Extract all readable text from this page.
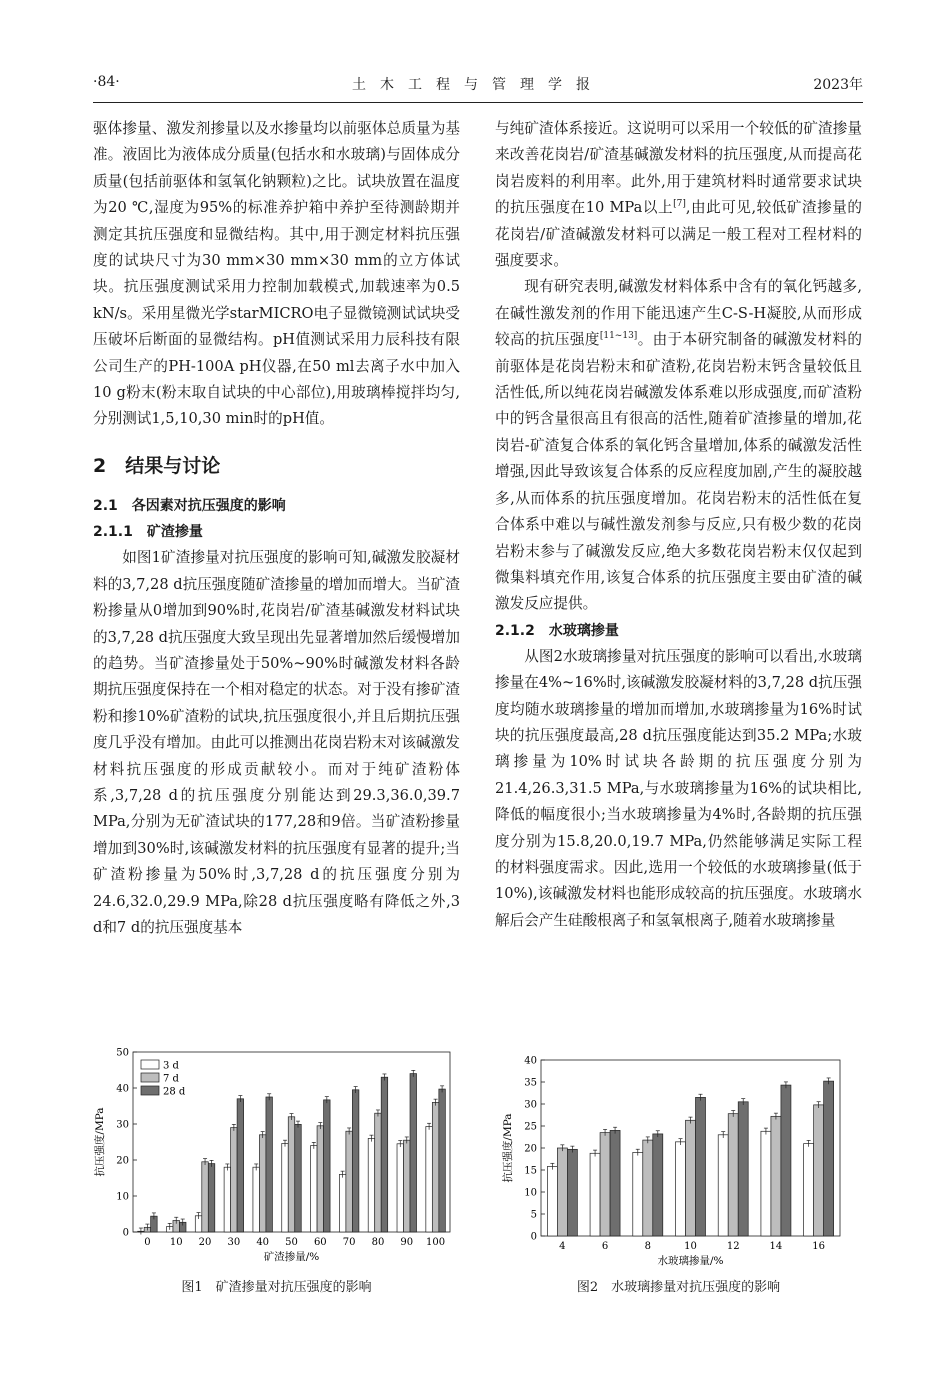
·84·	土木工程与管理学报	2023年

驱体掺量、激发剂掺量以及水掺量均以前驱体总质量为基准。液固比为液体成分质量(包括水和水玻璃)与固体成分质量(包括前驱体和氢氧化钠颗粒)之比。试块放置在温度为20 ℃,湿度为95%的标准养护箱中养护至待测龄期并测定其抗压强度和显微结构。其中,用于测定材料抗压强度的试块尺寸为30 mm×30 mm×30 mm的立方体试块。抗压强度测试采用力控制加载模式,加载速率为0.5 kN/s。采用星微光学starMICRO电子显微镜测试试块受压破坏后断面的显微结构。pH值测试采用力辰科技有限公司生产的PH-100A pH仪器,在50 ml去离子水中加入10 g粉末(粉末取自试块的中心部位),用玻璃棒搅拌均匀,分别测试1,5,10,30 min时的pH值。

2　结果与讨论
2.1　各因素对抗压强度的影响
2.1.1　矿渣掺量

如图1矿渣掺量对抗压强度的影响可知,碱激发胶凝材料的3,7,28 d抗压强度随矿渣掺量的增加而增大。当矿渣粉掺量从0增加到90%时,花岗岩/矿渣基碱激发材料试块的3,7,28 d抗压强度大致呈现出先显著增加然后缓慢增加的趋势。当矿渣掺量处于50%~90%时碱激发材料各龄期抗压强度保持在一个相对稳定的状态。对于没有掺矿渣粉和掺10%矿渣粉的试块,抗压强度很小,并且后期抗压强度几乎没有增加。由此可以推测出花岗岩粉末对该碱激发材料抗压强度的形成贡献较小。而对于纯矿渣粉体系,3,7,28 d的抗压强度分别能达到29.3,36.0,39.7 MPa,分别为无矿渣试块的177,28和9倍。当矿渣粉掺量增加到30%时,该碱激发材料的抗压强度有显著的提升;当矿渣粉掺量为50%时,3,7,28 d的抗压强度分别为24.6,32.0,29.9 MPa,除28 d抗压强度略有降低之外,3 d和7 d的抗压强度基本

与纯矿渣体系接近。这说明可以采用一个较低的矿渣掺量来改善花岗岩/矿渣基碱激发材料的抗压强度,从而提高花岗岩废料的利用率。此外,用于建筑材料时通常要求试块的抗压强度在10 MPa以上[7],由此可见,较低矿渣掺量的花岗岩/矿渣碱激发材料可以满足一般工程对工程材料的强度要求。

现有研究表明,碱激发材料体系中含有的氧化钙越多,在碱性激发剂的作用下能迅速产生C-S-H凝胶,从而形成较高的抗压强度[11~13]。由于本研究制备的碱激发材料的前驱体是花岗岩粉末和矿渣粉,花岗岩粉末钙含量较低且活性低,所以纯花岗岩碱激发体系难以形成强度,而矿渣粉中的钙含量很高且有很高的活性,随着矿渣掺量的增加,花岗岩-矿渣复合体系的氧化钙含量增加,体系的碱激发活性增强,因此导致该复合体系的反应程度加剧,产生的凝胶越多,从而体系的抗压强度增加。花岗岩粉末的活性低在复合体系中难以与碱性激发剂参与反应,只有极少数的花岗岩粉末参与了碱激发反应,绝大多数花岗岩粉末仅仅起到微集料填充作用,该复合体系的抗压强度主要由矿渣的碱激发反应提供。

2.1.2　水玻璃掺量

从图2水玻璃掺量对抗压强度的影响可以看出,水玻璃掺量在4%~16%时,该碱激发胶凝材料的3,7,28 d抗压强度均随水玻璃掺量的增加而增加,水玻璃掺量为16%时试块的抗压强度最高,28 d抗压强度能达到35.2 MPa;水玻璃掺量为10%时试块各龄期的抗压强度分别为21.4,26.3,31.5 MPa,与水玻璃掺量为16%的试块相比,降低的幅度很小;当水玻璃掺量为4%时,各龄期的抗压强度分别为15.8,20.0,19.7 MPa,仍然能够满足实际工程的材料强度需求。因此,选用一个较低的水玻璃掺量(低于10%),该碱激发材料也能形成较高的抗压强度。水玻璃水解后会产生硅酸根离子和氢氧根离子,随着水玻璃掺量

0
10
20
30
40
50
0 10 20 30 40 50 60 70 80 90 100
矿渣掺量/%
抗压强度/MPa
3 d
7 d
28 d
图1　矿渣掺量对抗压强度的影响
0
5
10
15
20
25
30
35
40
4	6	8	10	12	14	16
水玻璃掺量/%
抗压强度/MPa
图2　水玻璃掺量对抗压强度的影响
